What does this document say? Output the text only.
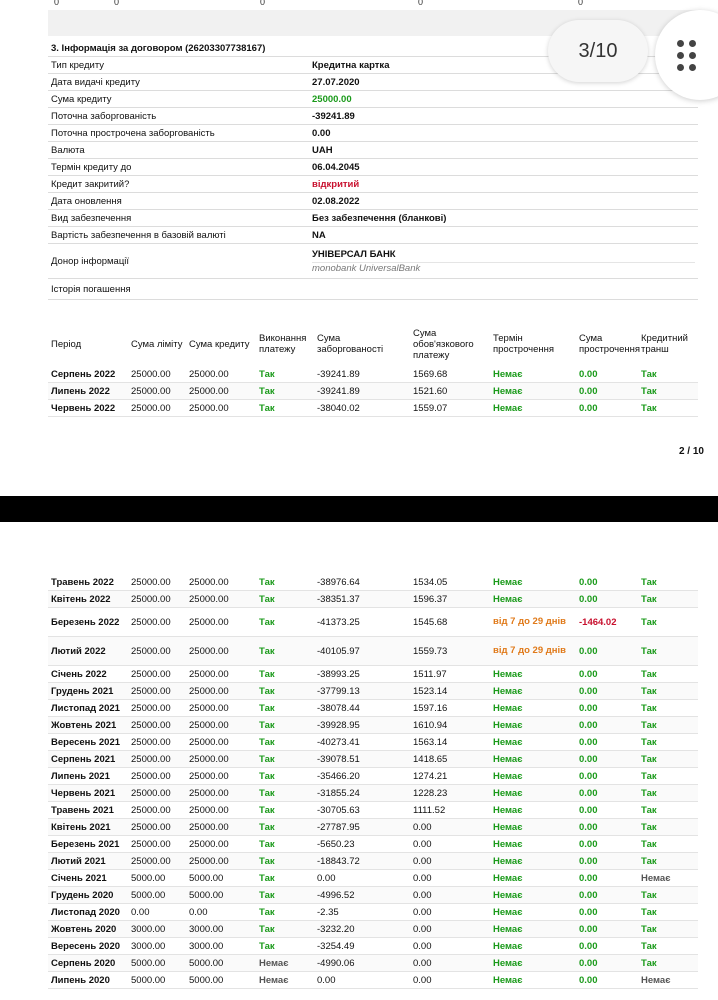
0	0	0	0	0
3. Інформація за договором (26203307738167)	
Тип кредиту	Кредитна картка
Дата видачі кредиту	27.07.2020
Сума кредиту	25000.00
Поточна заборгованість	-39241.89
Поточна прострочена заборгованість	0.00
Валюта	UAH
Термін кредиту до	06.04.2045
Кредит закритий?	відкритий
Дата оновлення	02.08.2022
Вид забезпечення	Без забезпечення (бланкові)
Вартість забезпечення в базовій валюті	NA
Донор інформації	УНІВЕРСАЛ БАНК
monobank UniversalBank

Історія погашення	
Період	Сума ліміту	Сума кредиту	Виконання платежу	Сума заборгованості	Сума обов'язкового платежу	Термін прострочення	Сума прострочення	Кредитний транш
Серпень 2022	25000.00	25000.00	Так	-39241.89	1569.68	Немає	0.00	Так
Липень 2022	25000.00	25000.00	Так	-39241.89	1521.60	Немає	0.00	Так
Червень 2022	25000.00	25000.00	Так	-38040.02	1559.07	Немає	0.00	Так
2 / 10
Травень 2022	25000.00	25000.00	Так	-38976.64	1534.05	Немає	0.00	Так
Квітень 2022	25000.00	25000.00	Так	-38351.37	1596.37	Немає	0.00	Так
Березень 2022	25000.00	25000.00	Так	-41373.25	1545.68	від 7 до 29 днів	-1464.02	Так
Лютий 2022	25000.00	25000.00	Так	-40105.97	1559.73	від 7 до 29 днів	0.00	Так
Січень 2022	25000.00	25000.00	Так	-38993.25	1511.97	Немає	0.00	Так
Грудень 2021	25000.00	25000.00	Так	-37799.13	1523.14	Немає	0.00	Так
Листопад 2021	25000.00	25000.00	Так	-38078.44	1597.16	Немає	0.00	Так
Жовтень 2021	25000.00	25000.00	Так	-39928.95	1610.94	Немає	0.00	Так
Вересень 2021	25000.00	25000.00	Так	-40273.41	1563.14	Немає	0.00	Так
Серпень 2021	25000.00	25000.00	Так	-39078.51	1418.65	Немає	0.00	Так
Липень 2021	25000.00	25000.00	Так	-35466.20	1274.21	Немає	0.00	Так
Червень 2021	25000.00	25000.00	Так	-31855.24	1228.23	Немає	0.00	Так
Травень 2021	25000.00	25000.00	Так	-30705.63	1111.52	Немає	0.00	Так
Квітень 2021	25000.00	25000.00	Так	-27787.95	0.00	Немає	0.00	Так
Березень 2021	25000.00	25000.00	Так	-5650.23	0.00	Немає	0.00	Так
Лютий 2021	25000.00	25000.00	Так	-18843.72	0.00	Немає	0.00	Так
Січень 2021	5000.00	5000.00	Так	0.00	0.00	Немає	0.00	Немає
Грудень 2020	5000.00	5000.00	Так	-4996.52	0.00	Немає	0.00	Так
Листопад 2020	0.00	0.00	Так	-2.35	0.00	Немає	0.00	Так
Жовтень 2020	3000.00	3000.00	Так	-3232.20	0.00	Немає	0.00	Так
Вересень 2020	3000.00	3000.00	Так	-3254.49	0.00	Немає	0.00	Так
Серпень 2020	5000.00	5000.00	Немає	-4990.06	0.00	Немає	0.00	Так
Липень 2020	5000.00	5000.00	Немає	0.00	0.00	Немає	0.00	Немає
3/10
